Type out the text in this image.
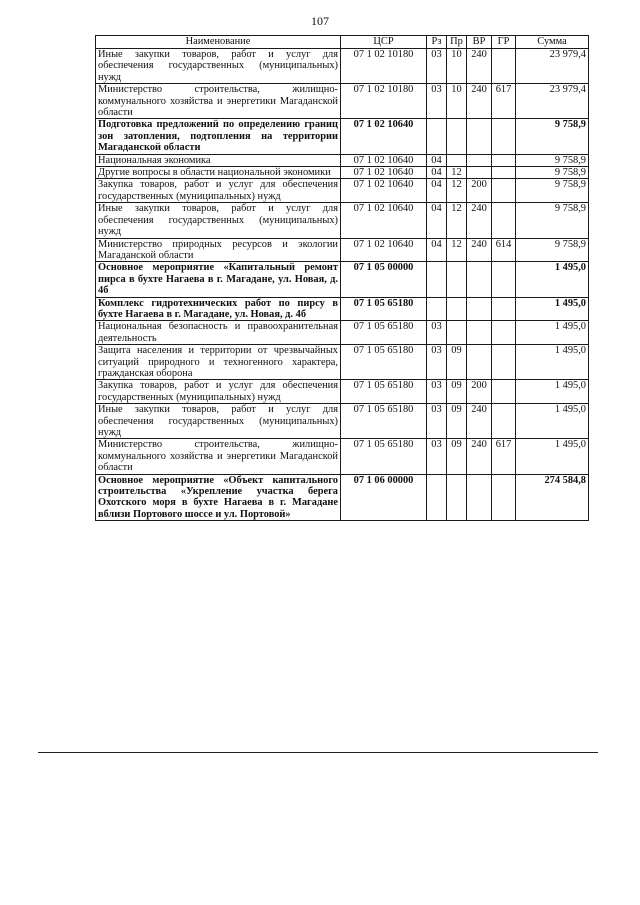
107
Наименование	ЦСР	Рз	Пр	ВР	ГР	Сумма
Иные закупки товаров, работ и услуг для обеспечения государственных (муниципальных) нужд	07 1 02 10180	03	10	240		23 979,4
Министерство строительства, жилищно-коммунального хозяйства и энергетики Магаданской области	07 1 02 10180	03	10	240	617	23 979,4
Подготовка предложений по определению границ зон затопления, подтопления на территории Магаданской области	07 1 02 10640					9 758,9
Национальная экономика	07 1 02 10640	04				9 758,9
Другие вопросы в области национальной экономики	07 1 02 10640	04	12			9 758,9
Закупка товаров, работ и услуг для обеспечения государственных (муниципальных) нужд	07 1 02 10640	04	12	200		9 758,9
Иные закупки товаров, работ и услуг для обеспечения государственных (муниципальных) нужд	07 1 02 10640	04	12	240		9 758,9
Министерство природных ресурсов и экологии Магаданской области	07 1 02 10640	04	12	240	614	9 758,9
Основное мероприятие «Капитальный ремонт пирса в бухте Нагаева в г. Магадане, ул. Новая, д. 4б	07 1 05 00000					1 495,0
Комплекс гидротехнических работ по пирсу в бухте Нагаева в г. Магадане, ул. Новая, д. 4б	07 1 05 65180					1 495,0
Национальная безопасность и правоохранительная деятельность	07 1 05 65180	03				1 495,0
Защита населения и территории от чрезвычайных ситуаций природного и техногенного характера, гражданская оборона	07 1 05 65180	03	09			1 495,0
Закупка товаров, работ и услуг для обеспечения государственных (муниципальных) нужд	07 1 05 65180	03	09	200		1 495,0
Иные закупки товаров, работ и услуг для обеспечения государственных (муниципальных) нужд	07 1 05 65180	03	09	240		1 495,0
Министерство строительства, жилищно-коммунального хозяйства и энергетики Магаданской области	07 1 05 65180	03	09	240	617	1 495,0
Основное мероприятие «Объект капитального строительства «Укрепление участка берега Охотского моря в бухте Нагаева в г. Магадане вблизи Портового шоссе и ул. Портовой»	07 1 06 00000					274 584,8
